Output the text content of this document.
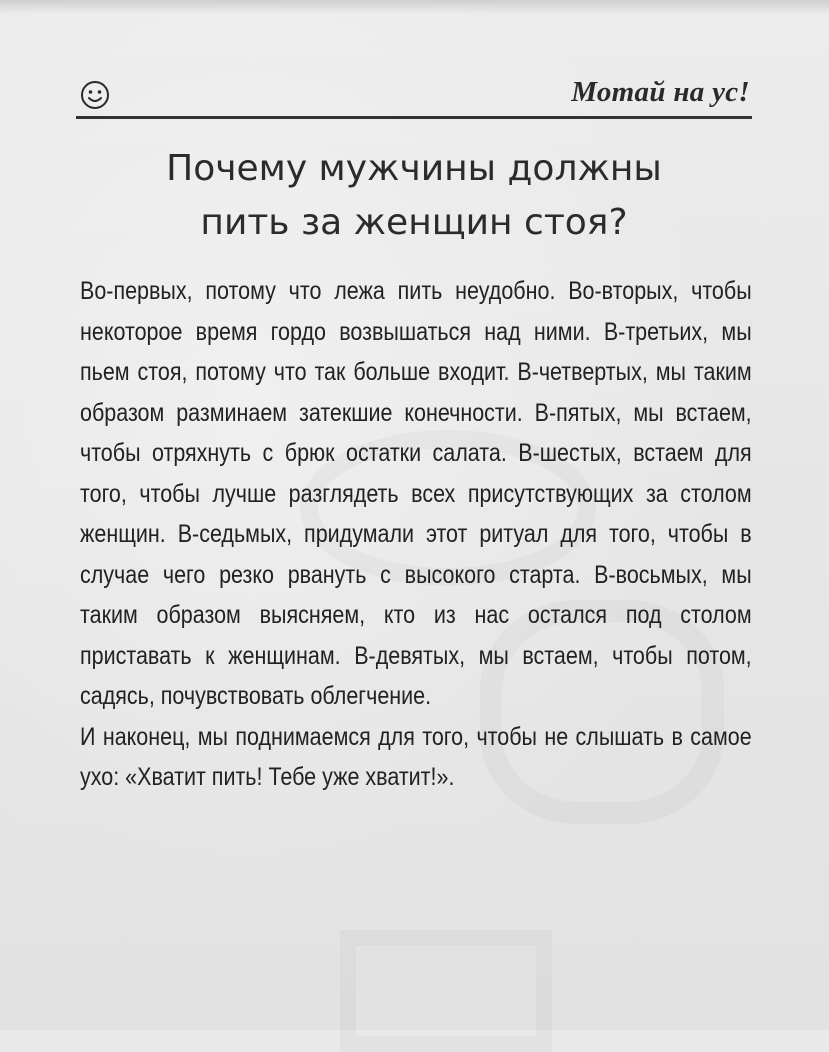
Мотай на ус!
Почему мужчины должны
пить за женщин стоя?

Во-первых, потому что лежа пить неудобно. Во-вторых, чтобы некоторое время гордо возвышаться над ними. В-третьих, мы пьем стоя, потому что так больше входит. В-четвертых, мы таким образом разминаем затекшие конечности. В-пятых, мы встаем, чтобы отряхнуть с брюк остатки салата. В-шестых, встаем для того, чтобы лучше разглядеть всех присутствующих за столом женщин. В-седьмых, придумали этот ритуал для того, чтобы в случае чего резко рвануть с высокого старта. В-восьмых, мы таким образом выясняем, кто из нас остался под столом приставать к женщинам. В-девятых, мы встаем, чтобы потом, садясь, почувствовать облегчение.

И наконец, мы поднимаемся для того, чтобы не слышать в самое ухо: «Хватит пить! Тебе уже хватит!».
